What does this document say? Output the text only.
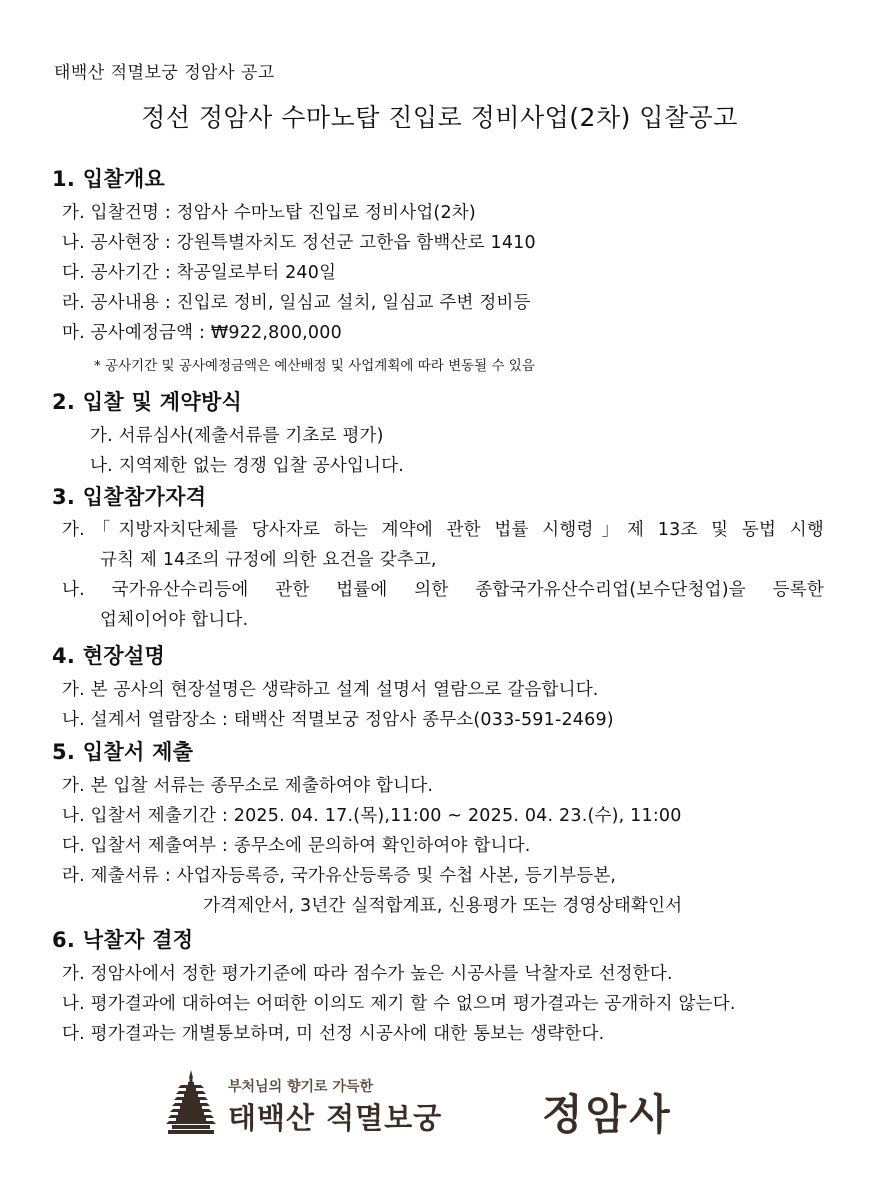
태백산 적멸보궁 정암사 공고
정선 정암사 수마노탑 진입로 정비사업(2차) 입찰공고
1. 입찰개요
가. 입찰건명 : 정암사 수마노탑 진입로 정비사업(2차)
나. 공사현장 : 강원특별자치도 정선군 고한읍 함백산로 1410
다. 공사기간 : 착공일로부터 240일
라. 공사내용 : 진입로 정비, 일심교 설치, 일심교 주변 정비등
마. 공사예정금액 : ₩922,800,000
* 공사기간 및 공사예정금액은 예산배정 및 사업계획에 따라 변동될 수 있음
2. 입찰 및 계약방식
가. 서류심사(제출서류를 기초로 평가)
나. 지역제한 없는 경쟁 입찰 공사입니다.
3. 입찰참가자격
가.「지방자치단체를 당사자로 하는 계약에 관한 법률 시행령」제 13조 및 동법 시행
규칙 제 14조의 규정에 의한 요건을 갖추고,
나. 국가유산수리등에 관한 법률에 의한 종합국가유산수리업(보수단청업)을 등록한
업체이어야 합니다.
4. 현장설명
가. 본 공사의 현장설명은 생략하고 설계 설명서 열람으로 갈음합니다.
나. 설계서 열람장소 : 태백산 적멸보궁 정암사 종무소(033-591-2469)
5. 입찰서 제출
가. 본 입찰 서류는 종무소로 제출하여야 합니다.
나. 입찰서 제출기간 : 2025. 04. 17.(목),11:00 ~ 2025. 04. 23.(수), 11:00
다. 입찰서 제출여부 : 종무소에 문의하여 확인하여야 합니다.
라. 제출서류 : 사업자등록증, 국가유산등록증 및 수첩 사본, 등기부등본,
가격제안서, 3년간 실적합계표, 신용평가 또는 경영상태확인서
6. 낙찰자 결정
가. 정암사에서 정한 평가기준에 따라 점수가 높은 시공사를 낙찰자로 선정한다.
나. 평가결과에 대하여는 어떠한 이의도 제기 할 수 없으며 평가결과는 공개하지 않는다.
다. 평가결과는 개별통보하며, 미 선정 시공사에 대한 통보는 생략한다.
부처님의 향기로 가득한
태백산 적멸보궁 정암사
